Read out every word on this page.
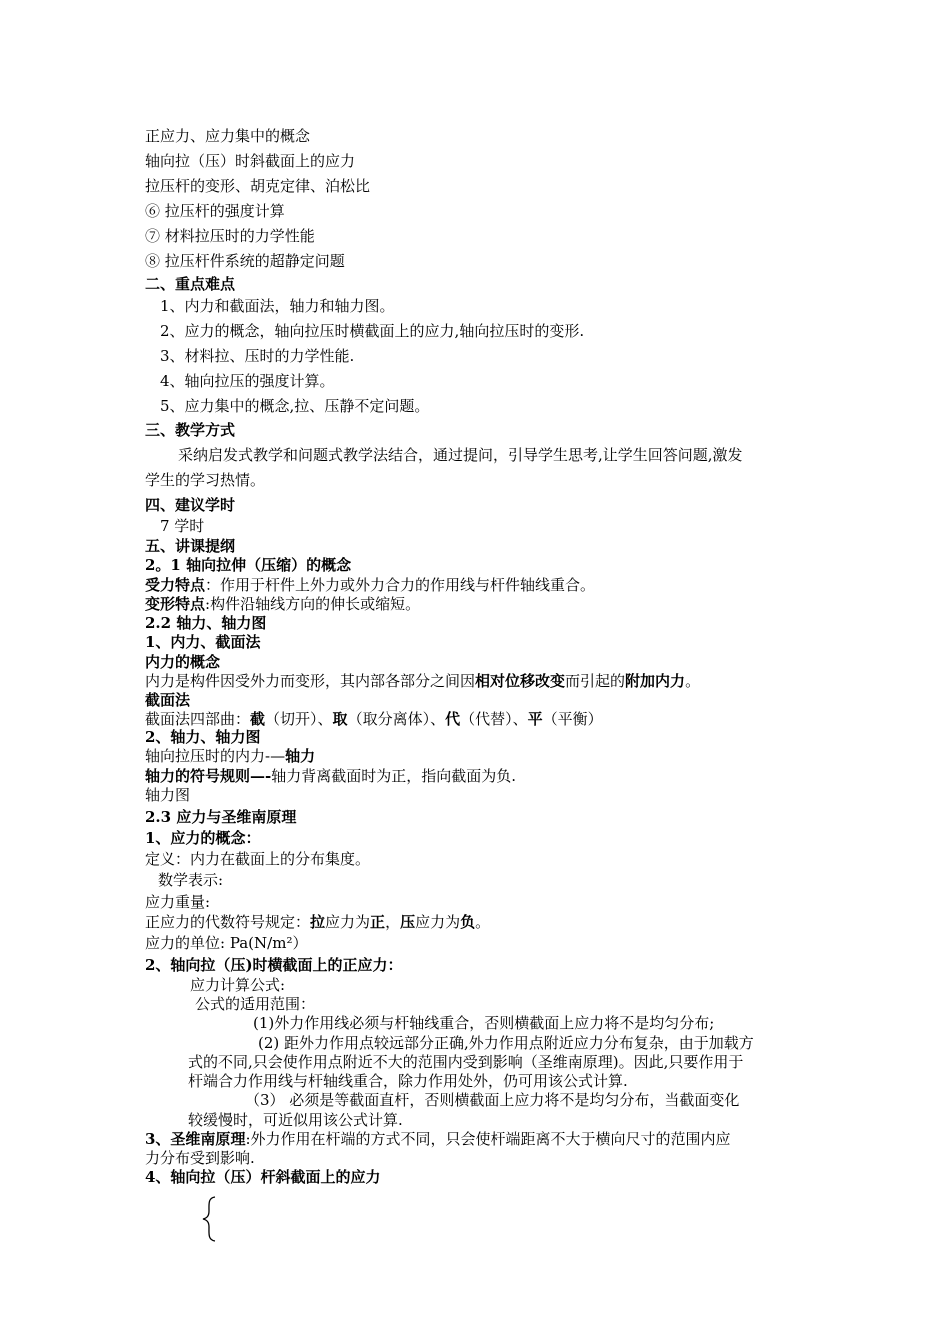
正应力、应力集中的概念
轴向拉（压）时斜截面上的应力
拉压杆的变形、胡克定律、泊松比
⑥ 拉压杆的强度计算
⑦ 材料拉压时的力学性能
⑧ 拉压杆件系统的超静定问题
二、重点难点
1、内力和截面法，轴力和轴力图。
2、应力的概念，轴向拉压时横截面上的应力,轴向拉压时的变形.
3、材料拉、压时的力学性能.
4、轴向拉压的强度计算。
5、应力集中的概念,拉、压静不定问题。
三、教学方式
采纳启发式教学和问题式教学法结合，通过提问，引导学生思考,让学生回答问题,激发
学生的学习热情。
四、建议学时
7 学时
五、讲课提纲
2。1 轴向拉伸（压缩）的概念
受力特点：作用于杆件上外力或外力合力的作用线与杆件轴线重合。
变形特点:构件沿轴线方向的伸长或缩短。
2.2 轴力、轴力图
1、内力、截面法
内力的概念
内力是构件因受外力而变形，其内部各部分之间因相对位移改变而引起的附加内力。
截面法
截面法四部曲：截（切开）、取（取分离体）、代（代替）、平（平衡）
2、轴力、轴力图
轴向拉压时的内力-—轴力
轴力的符号规则—-轴力背离截面时为正，指向截面为负.
轴力图
2.3 应力与圣维南原理
1、应力的概念：
定义：内力在截面上的分布集度。
数学表示:
应力重量:
正应力的代数符号规定：拉应力为正，压应力为负。
应力的单位: Pa(N/m²）
2、轴向拉（压)时横截面上的正应力：
应力计算公式:
公式的适用范围：
(1)外力作用线必须与杆轴线重合，否则横截面上应力将不是均匀分布;
(2) 距外力作用点较远部分正确,外力作用点附近应力分布复杂，由于加载方
式的不同,只会使作用点附近不大的范围内受到影响（圣维南原理)。因此,只要作用于
杆端合力作用线与杆轴线重合，除力作用处外，仍可用该公式计算.
（3） 必须是等截面直杆，否则横截面上应力将不是均匀分布，当截面变化
较缓慢时，可近似用该公式计算.
3、圣维南原理:外力作用在杆端的方式不同，只会使杆端距离不大于横向尺寸的范围内应
力分布受到影响.
4、轴向拉（压）杆斜截面上的应力
